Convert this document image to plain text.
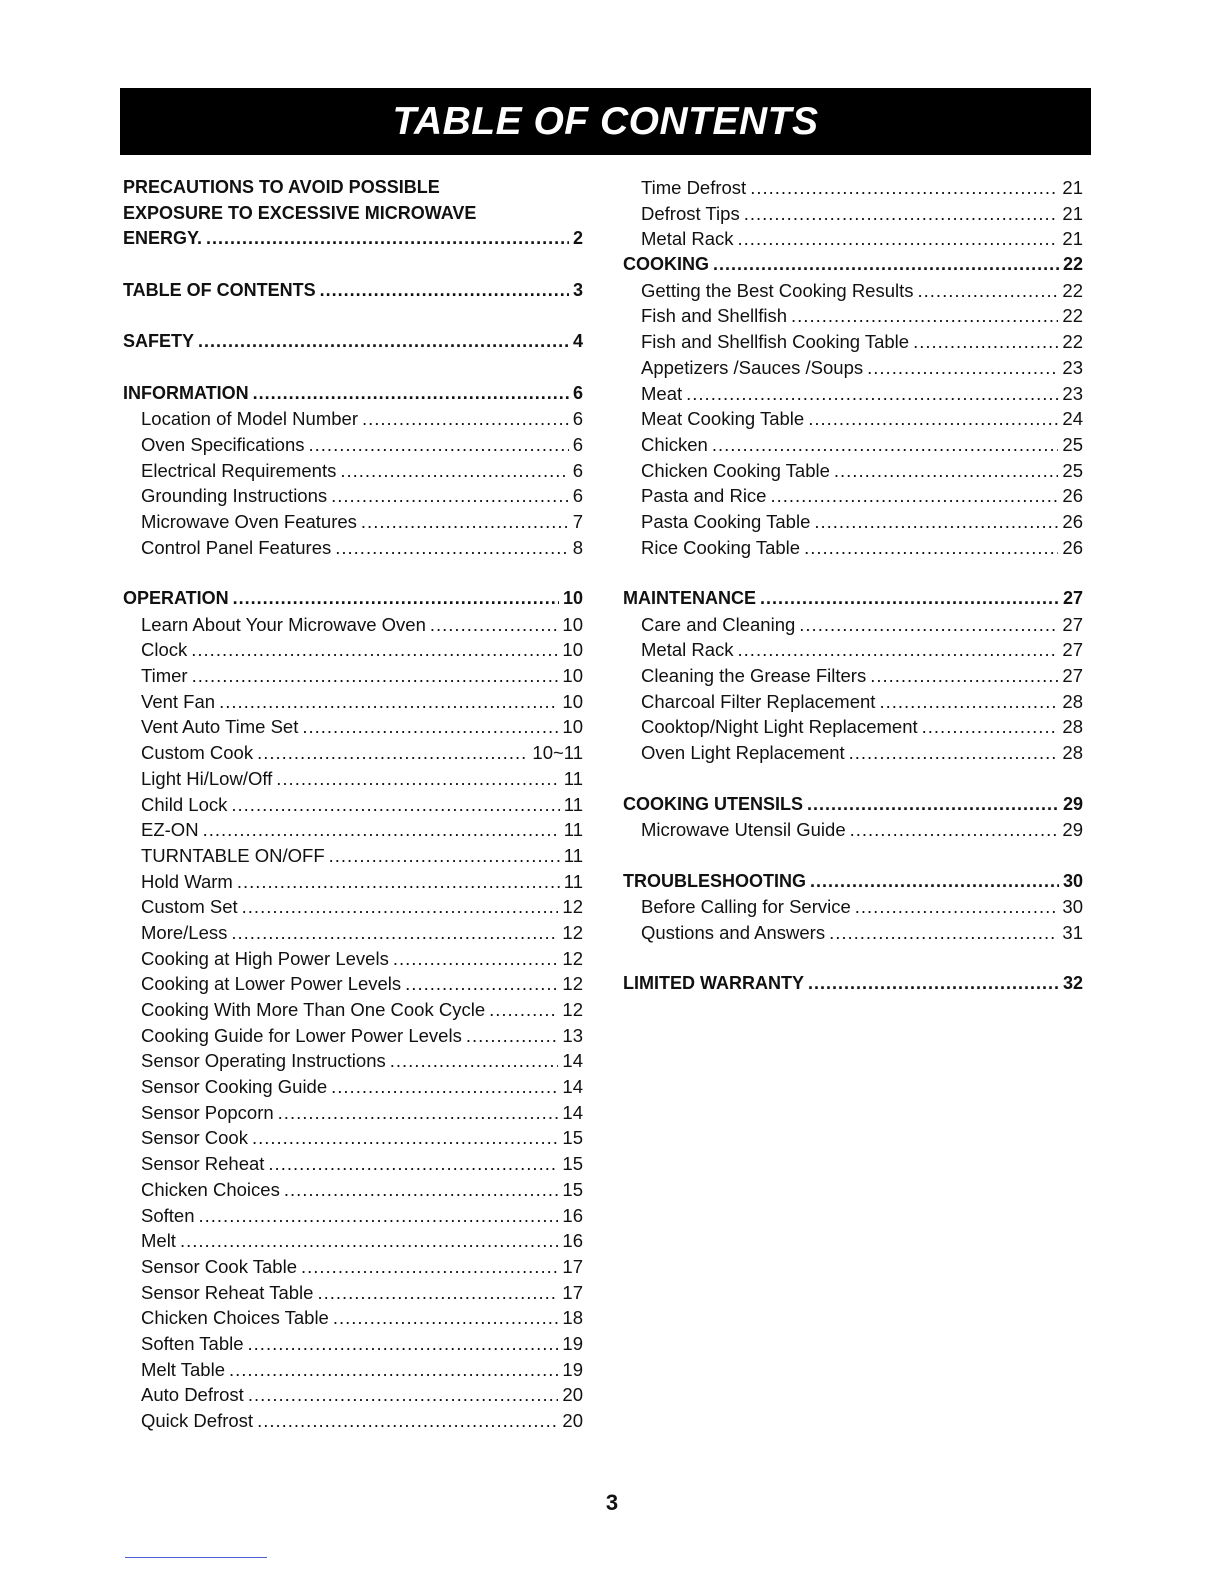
TABLE OF CONTENTS
PRECAUTIONS TO AVOID POSSIBLE
EXPOSURE TO EXCESSIVE MICROWAVE
ENERGY. .....	2
TABLE OF CONTENTS .....	3
SAFETY .....	4
INFORMATION .....	6
Location of Model Number .....	6
Oven Specifications .....	6
Electrical Requirements .....	6
Grounding Instructions .....	6
Microwave Oven Features .....	7
Control Panel Features .....	8
OPERATION .....	10
Learn About Your Microwave Oven .....	10
Clock .....	10
Timer .....	10
Vent Fan .....	10
Vent Auto Time Set .....	10
Custom Cook .....	10~11
Light Hi/Low/Off .....	11
Child Lock .....	11
EZ-ON .....	11
TURNTABLE ON/OFF .....	11
Hold Warm .....	11
Custom Set .....	12
More/Less .....	12
Cooking at High Power Levels .....	12
Cooking at Lower Power Levels .....	12
Cooking With More Than One Cook Cycle .....	12
Cooking Guide for Lower Power Levels .....	13
Sensor Operating Instructions .....	14
Sensor Cooking Guide .....	14
Sensor Popcorn .....	14
Sensor Cook .....	15
Sensor Reheat .....	15
Chicken Choices .....	15
Soften .....	16
Melt .....	16
Sensor Cook Table .....	17
Sensor Reheat Table .....	17
Chicken Choices Table .....	18
Soften Table .....	19
Melt Table .....	19
Auto Defrost .....	20
Quick Defrost .....	20
Time Defrost .....	21
Defrost Tips .....	21
Metal Rack .....	21
COOKING .....	22
Getting the Best Cooking Results .....	22
Fish and Shellfish .....	22
Fish and Shellfish Cooking Table .....	22
Appetizers /Sauces /Soups .....	23
Meat .....	23
Meat Cooking Table .....	24
Chicken .....	25
Chicken Cooking Table .....	25
Pasta and Rice .....	26
Pasta Cooking Table .....	26
Rice Cooking Table .....	26
MAINTENANCE .....	27
Care and Cleaning .....	27
Metal Rack .....	27
Cleaning the Grease Filters .....	27
Charcoal Filter Replacement .....	28
Cooktop/Night Light Replacement .....	28
Oven Light Replacement .....	28
COOKING UTENSILS .....	29
Microwave Utensil Guide .....	29
TROUBLESHOOTING .....	30
Before Calling for Service .....	30
Qustions and Answers .....	31
LIMITED WARRANTY .....	32
3
